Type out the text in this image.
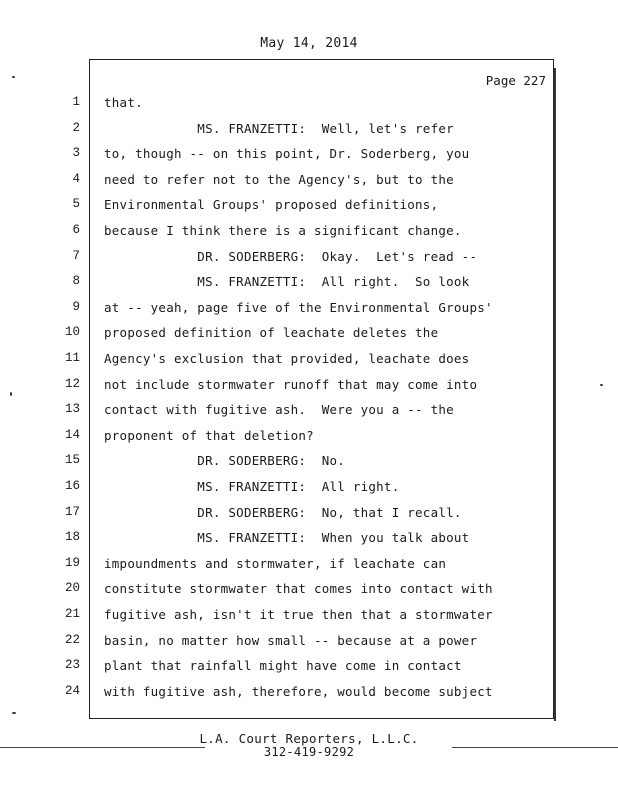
May 14, 2014
Page 227
1 that.
2 MS. FRANZETTI:  Well, let's refer
3 to, though -- on this point, Dr. Soderberg, you
4 need to refer not to the Agency's, but to the
5 Environmental Groups' proposed definitions,
6 because I think there is a significant change.
7 DR. SODERBERG:  Okay.  Let's read --
8 MS. FRANZETTI:  All right.  So look
9 at -- yeah, page five of the Environmental Groups'
10 proposed definition of leachate deletes the
11 Agency's exclusion that provided, leachate does
12 not include stormwater runoff that may come into
13 contact with fugitive ash.  Were you a -- the
14 proponent of that deletion?
15 DR. SODERBERG:  No.
16 MS. FRANZETTI:  All right.
17 DR. SODERBERG:  No, that I recall.
18 MS. FRANZETTI:  When you talk about
19 impoundments and stormwater, if leachate can
20 constitute stormwater that comes into contact with
21 fugitive ash, isn't it true then that a stormwater
22 basin, no matter how small -- because at a power
23 plant that rainfall might have come in contact
24 with fugitive ash, therefore, would become subject
L.A. Court Reporters, L.L.C.
312-419-9292
